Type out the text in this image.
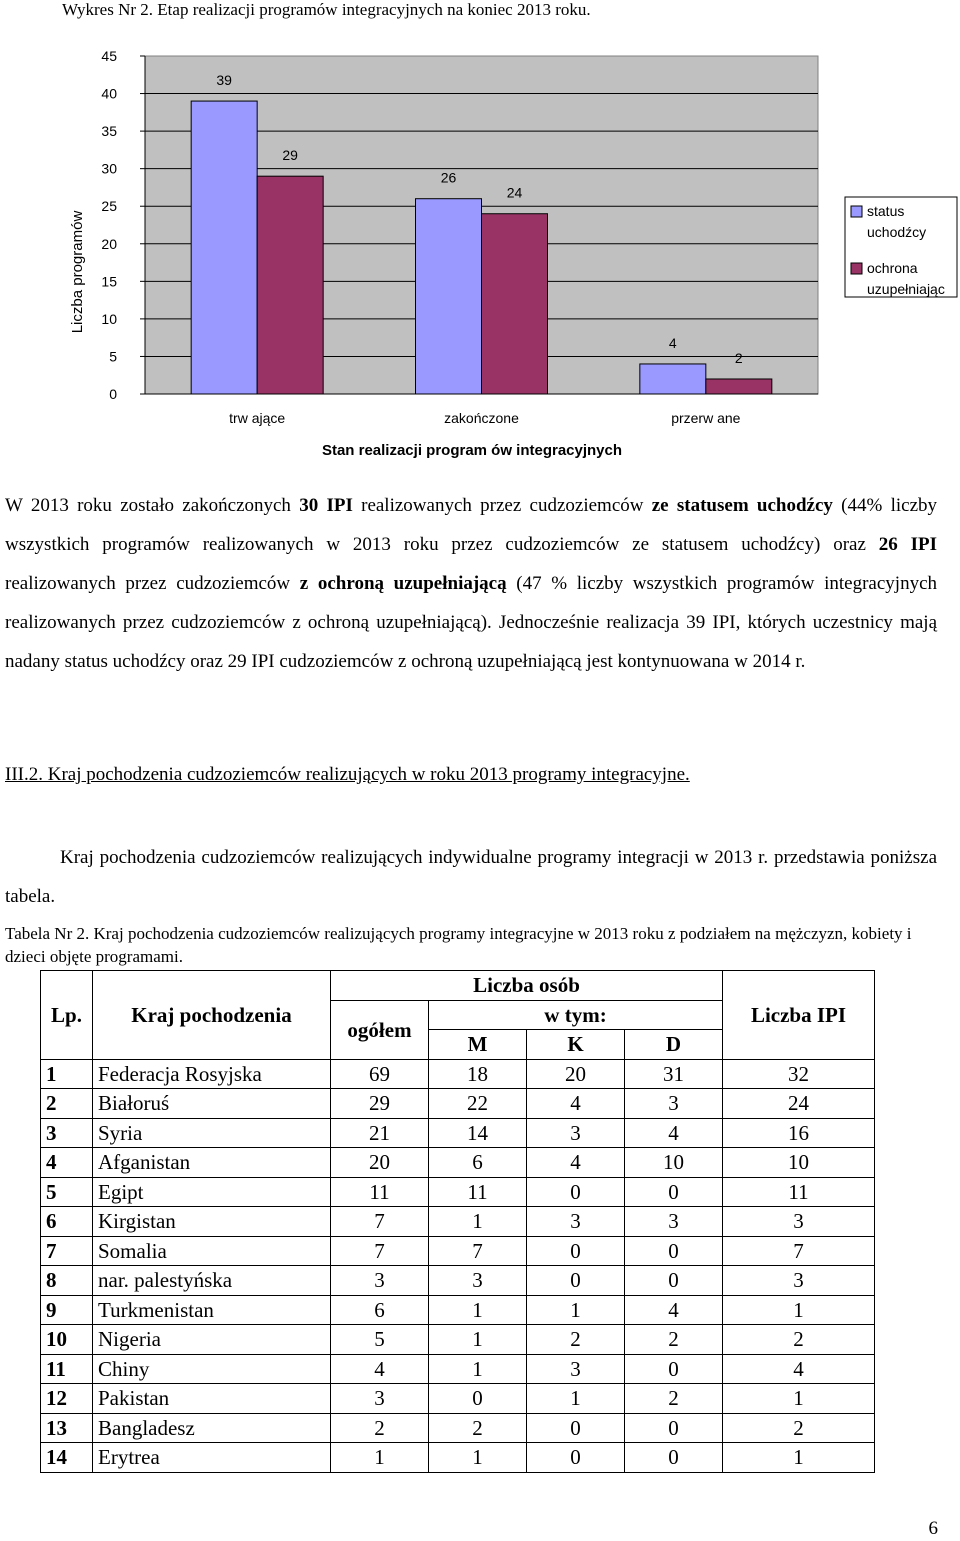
Wykres Nr 2. Etap realizacji programów integracyjnych na koniec 2013 roku.
0
5
10
15
20
25
30
35
40
45
39
29
26
24
4
2
trw ające	zakończone	przerw ane
Liczba programów
Stan realizacji program ów integracyjnych
status
uchodźcy
ochrona
uzupełniając
W 2013 roku zostało zakończonych 30 IPI realizowanych przez cudzoziemców ze statusem uchodźcy (44% liczby wszystkich programów realizowanych w 2013 roku przez cudzoziemców ze statusem uchodźcy) oraz 26 IPI realizowanych przez cudzoziemców z ochroną uzupełniającą (47 % liczby wszystkich programów integracyjnych realizowanych przez cudzoziemców z ochroną uzupełniającą). Jednocześnie realizacja 39 IPI, których uczestnicy mają nadany status uchodźcy oraz 29 IPI cudzoziemców z ochroną uzupełniającą jest kontynuowana w 2014 r.
III.2. Kraj pochodzenia cudzoziemców realizujących w roku 2013 programy integracyjne.
Kraj pochodzenia cudzoziemców realizujących indywidualne programy integracji w 2013 r. przedstawia poniższa tabela.
Tabela Nr 2. Kraj pochodzenia cudzoziemców realizujących programy integracyjne w 2013 roku z podziałem na mężczyzn, kobiety i dzieci objęte programami.
Lp.	Kraj pochodzenia	Liczba osób				Liczba IPI
		ogółem	w tym:			
			M	K	D	
1	Federacja Rosyjska	69	18	20	31	32
2	Białoruś	29	22	4	3	24
3	Syria	21	14	3	4	16
4	Afganistan	20	6	4	10	10
5	Egipt	11	11	0	0	11
6	Kirgistan	7	1	3	3	3
7	Somalia	7	7	0	0	7
8	nar. palestyńska	3	3	0	0	3
9	Turkmenistan	6	1	1	4	1
10	Nigeria	5	1	2	2	2
11	Chiny	4	1	3	0	4
12	Pakistan	3	0	1	2	1
13	Bangladesz	2	2	0	0	2
14	Erytrea	1	1	0	0	1
6
